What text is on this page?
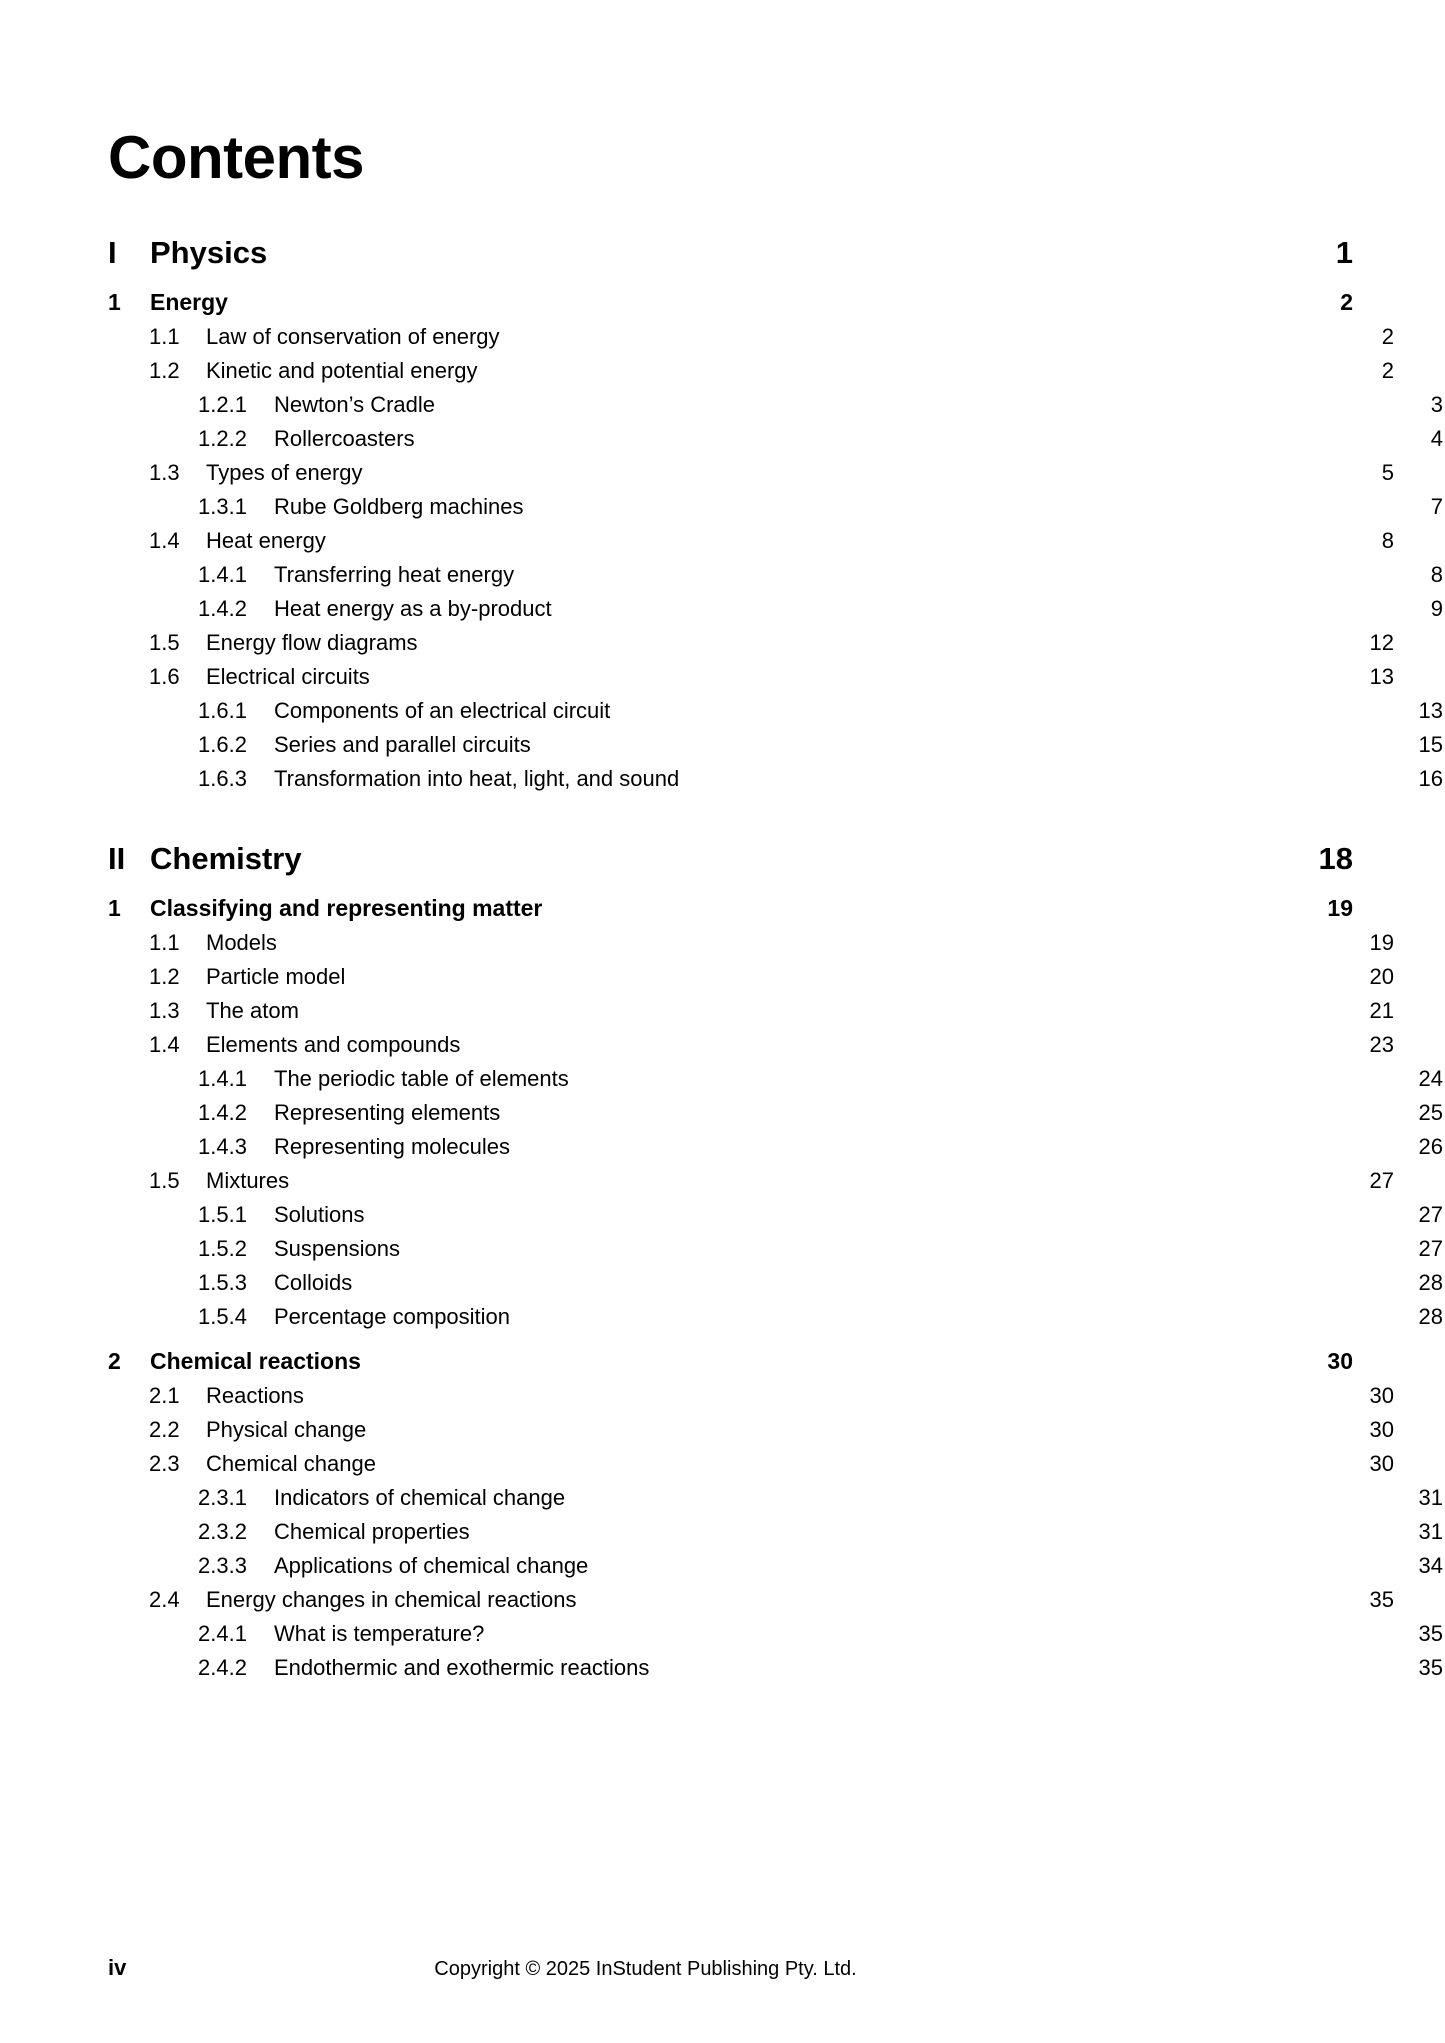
Contents
I	Physics	1
1	Energy	2
1.1	Law of conservation of energy	2
1.2	Kinetic and potential energy	2
1.2.1	Newton’s Cradle	3
1.2.2	Rollercoasters	4
1.3	Types of energy	5
1.3.1	Rube Goldberg machines	7
1.4	Heat energy	8
1.4.1	Transferring heat energy	8
1.4.2	Heat energy as a by-product	9
1.5	Energy flow diagrams	12
1.6	Electrical circuits	13
1.6.1	Components of an electrical circuit	13
1.6.2	Series and parallel circuits	15
1.6.3	Transformation into heat, light, and sound	16
II Chemistry	18
1	Classifying and representing matter	19
1.1	Models	19
1.2	Particle model	20
1.3	The atom	21
1.4	Elements and compounds	23
1.4.1	The periodic table of elements	24
1.4.2	Representing elements	25
1.4.3	Representing molecules	26
1.5	Mixtures	27
1.5.1	Solutions	27
1.5.2	Suspensions	27
1.5.3	Colloids	28
1.5.4	Percentage composition	28
2	Chemical reactions	30
2.1	Reactions	30
2.2	Physical change	30
2.3	Chemical change	30
2.3.1	Indicators of chemical change	31
2.3.2	Chemical properties	31
2.3.3	Applications of chemical change	34
2.4	Energy changes in chemical reactions	35
2.4.1	What is temperature?	35
2.4.2	Endothermic and exothermic reactions	35
iv	Copyright © 2025 InStudent Publishing Pty. Ltd.
